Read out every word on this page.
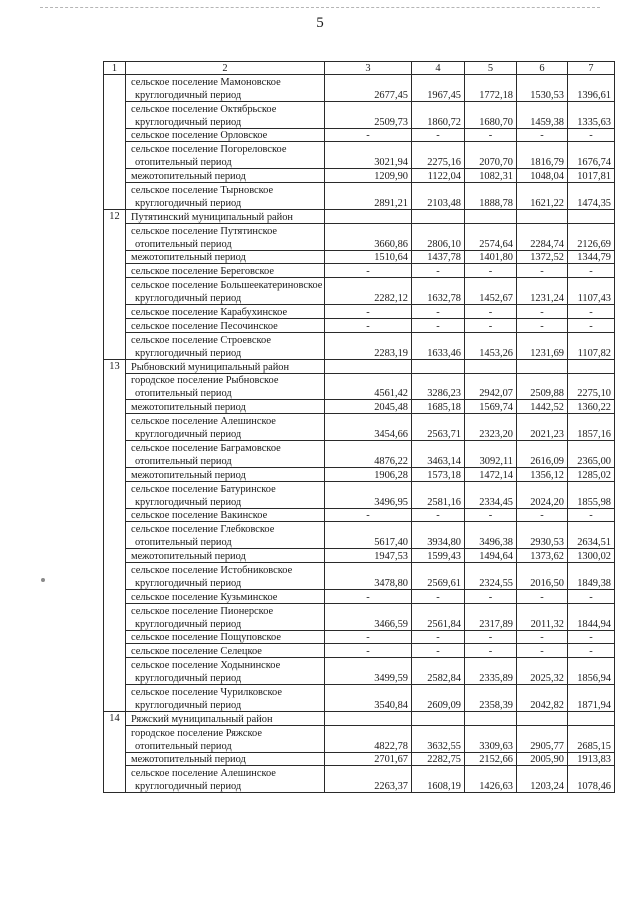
5
1	2	3	4	5	6	7
	сельское поселение Мамоновское					
	круглогодичный период	2677,45	1967,45	1772,18	1530,53	1396,61
	сельское поселение Октябрьское					
	круглогодичный период	2509,73	1860,72	1680,70	1459,38	1335,63
	сельское поселение Орловское	-	-	-	-	-
	сельское поселение Погореловское					
	отопительный период	3021,94	2275,16	2070,70	1816,79	1676,74
	межотопительный период	1209,90	1122,04	1082,31	1048,04	1017,81
	сельское поселение Тырновское					
	круглогодичный период	2891,21	2103,48	1888,78	1621,22	1474,35
12	Путятинский муниципальный район					
	сельское поселение Путятинское					
	отопительный период	3660,86	2806,10	2574,64	2284,74	2126,69
	межотопительный период	1510,64	1437,78	1401,80	1372,52	1344,79
	сельское поселение Береговское	-	-	-	-	-
	сельское поселение Большеекатериновское					
	круглогодичный период	2282,12	1632,78	1452,67	1231,24	1107,43
	сельское поселение Карабухинское	-	-	-	-	-
	сельское поселение Песочинское	-	-	-	-	-
	сельское поселение Строевское					
	круглогодичный период	2283,19	1633,46	1453,26	1231,69	1107,82
13	Рыбновский муниципальный район					
	городское поселение Рыбновское					
	отопительный период	4561,42	3286,23	2942,07	2509,88	2275,10
	межотопительный период	2045,48	1685,18	1569,74	1442,52	1360,22
	сельское поселение Алешинское					
	круглогодичный период	3454,66	2563,71	2323,20	2021,23	1857,16
	сельское поселение Баграмовское					
	отопительный период	4876,22	3463,14	3092,11	2616,09	2365,00
	межотопительный период	1906,28	1573,18	1472,14	1356,12	1285,02
	сельское поселение Батуринское					
	круглогодичный период	3496,95	2581,16	2334,45	2024,20	1855,98
	сельское поселение Вакинское	-	-	-	-	-
	сельское поселение Глебковское					
	отопительный период	5617,40	3934,80	3496,38	2930,53	2634,51
	межотопительный период	1947,53	1599,43	1494,64	1373,62	1300,02
	сельское поселение Истобниковское					
	круглогодичный период	3478,80	2569,61	2324,55	2016,50	1849,38
	сельское поселение Кузьминское	-	-	-	-	-
	сельское поселение Пионерское					
	круглогодичный период	3466,59	2561,84	2317,89	2011,32	1844,94
	сельское поселение Пощуповское	-	-	-	-	-
	сельское поселение Селецкое	-	-	-	-	-
	сельское поселение Ходынинское					
	круглогодичный период	3499,59	2582,84	2335,89	2025,32	1856,94
	сельское поселение Чурилковское					
	круглогодичный период	3540,84	2609,09	2358,39	2042,82	1871,94
14	Ряжский муниципальный район					
	городское поселение Ряжское					
	отопительный период	4822,78	3632,55	3309,63	2905,77	2685,15
	межотопительный период	2701,67	2282,75	2152,66	2005,90	1913,83
	сельское поселение Алешинское					
	круглогодичный период	2263,37	1608,19	1426,63	1203,24	1078,46
